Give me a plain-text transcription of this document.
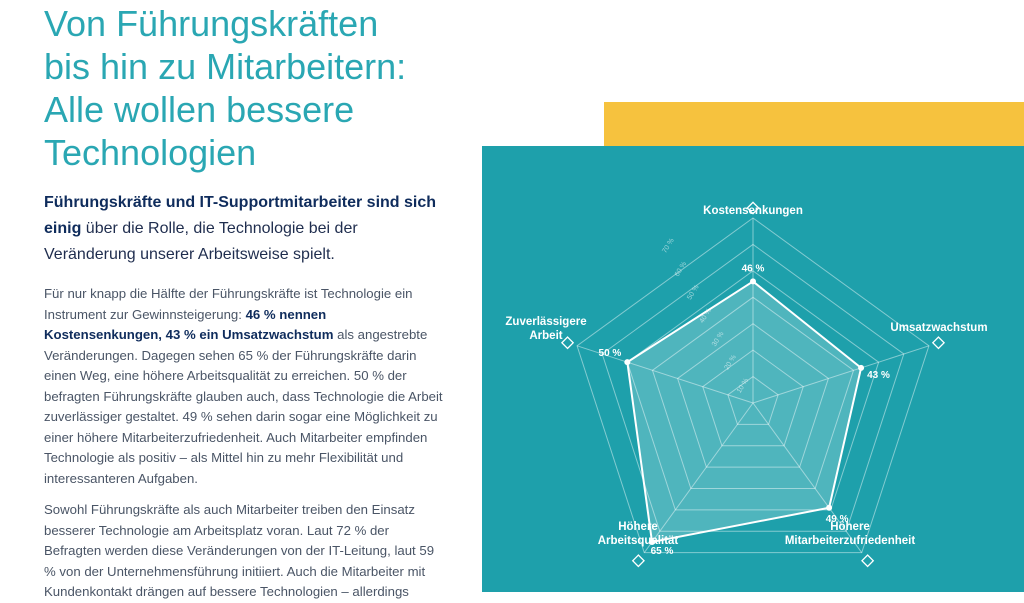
Von Führungskräften
bis hin zu Mitarbeitern:
Alle wollen bessere
Technologien

Führungskräfte und IT-Supportmitarbeiter sind sich einig über die Rolle, die Technologie bei der Veränderung unserer Arbeitsweise spielt.

Für nur knapp die Hälfte der Führungskräfte ist Technologie ein Instrument zur Gewinnsteigerung: 46 % nennen Kostensenkungen, 43 % ein Umsatzwachstum als angestrebte Veränderungen. Dagegen sehen 65 % der Führungskräfte darin einen Weg, eine höhere Arbeitsqualität zu erreichen. 50 % der befragten Führungskräfte glauben auch, dass Technologie die Arbeit zuverlässiger gestaltet. 49 % sehen darin sogar eine Möglichkeit zu einer höhere Mitarbeiterzufriedenheit. Auch Mitarbeiter empfinden Technologie als positiv – als Mittel hin zu mehr Flexibilität und interessanteren Aufgaben.

Sowohl Führungskräfte als auch Mitarbeiter treiben den Einsatz besserer Technologie am Arbeitsplatz voran. Laut 72 % der Befragten werden diese Veränderungen von der IT-Leitung, laut 59 % von der Unternehmensführung initiiert. Auch die Mitarbeiter mit Kundenkontakt drängen auf bessere Technologien – allerdings

50 %
60 %
70 %
46 %
43 %
49 %
65 %
50 %
Kostensenkungen
Umsatzwachstum
Höhere
Mitarbeiterzufriedenheit
Höhere
Arbeitsqualität
Zuverlässigere
Arbeit
